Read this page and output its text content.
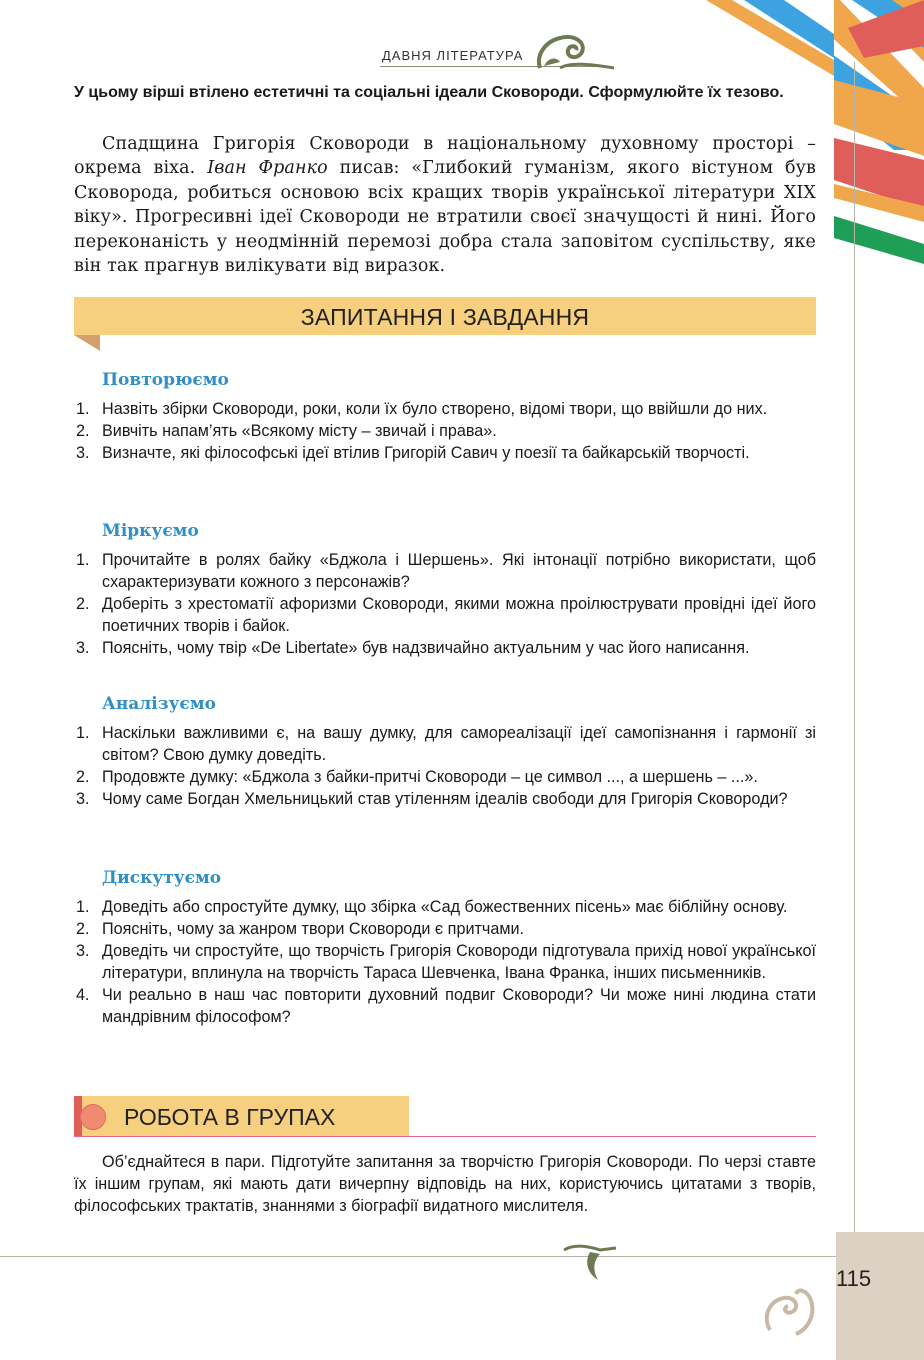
ДАВНЯ ЛІТЕРАТУРА
У цьому вірші втілено естетичні та соціальні ідеали Сковороди. Сформулюйте їх тезово.
Спадщина Григорія Сковороди в національному духовному просторі – окрема віха. Іван Франко писав: «Глибокий гуманізм, якого вістуном був Сковорода, робиться основою всіх кращих творів української літератури XIX віку». Прогресивні ідеї Сковороди не втратили своєї значущості й нині. Його переконаність у неодмінній перемозі добра стала заповітом суспільству, яке він так прагнув вилікувати від виразок.
ЗАПИТАННЯ І ЗАВДАННЯ
Повторюємо
1. Назвіть збірки Сковороди, роки, коли їх було створено, відомі твори, що ввійшли до них.
2. Вивчіть напам’ять «Всякому місту – звичай і права».
3. Визначте, які філософські ідеї втілив Григорій Савич у поезії та байкарській творчості.
Міркуємо
1. Прочитайте в ролях байку «Бджола і Шершень». Які інтонації потрібно використати, щоб схарактеризувати кожного з персонажів?
2. Доберіть з хрестоматії афоризми Сковороди, якими можна проілюструвати провідні ідеї його поетичних творів і байок.
3. Поясніть, чому твір «De Libertate» був надзвичайно актуальним у час його написання.
Аналізуємо
1. Наскільки важливими є, на вашу думку, для самореалізації ідеї самопізнання і гармонії зі світом? Свою думку доведіть.
2. Продовжте думку: «Бджола з байки-притчі Сковороди – це символ ..., а шершень – ...».
3. Чому саме Богдан Хмельницький став утіленням ідеалів свободи для Григорія Сковороди?
Дискутуємо
1. Доведіть або спростуйте думку, що збірка «Сад божественних пісень» має біблійну основу.
2. Поясніть, чому за жанром твори Сковороди є притчами.
3. Доведіть чи спростуйте, що творчість Григорія Сковороди підготувала прихід нової української літератури, вплинула на творчість Тараса Шевченка, Івана Франка, інших письменників.
4. Чи реально в наш час повторити духовний подвиг Сковороди? Чи може нині людина стати мандрівним філософом?
РОБОТА В ГРУПАХ
Об’єднайтеся в пари. Підготуйте запитання за творчістю Григорія Сковороди. По черзі ставте їх іншим групам, які мають дати вичерпну відповідь на них, користуючись цитатами з творів, філософських трактатів, знаннями з біографії видатного мислителя.
115
